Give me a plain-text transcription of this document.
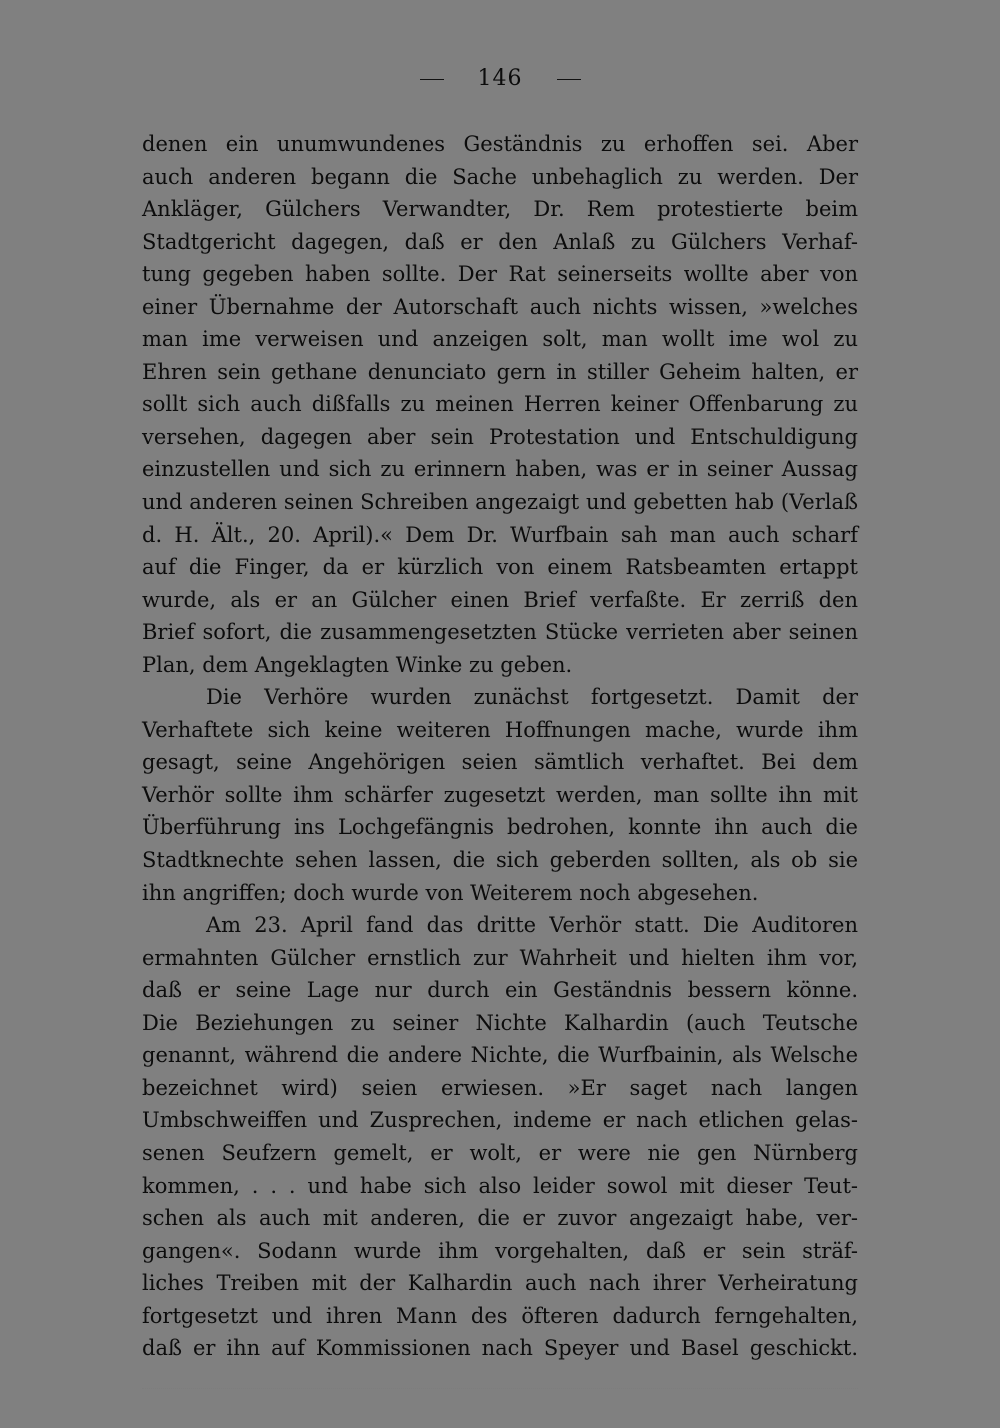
146
denen ein unumwundenes Geständnis zu erhoffen sei. Aber
auch anderen begann die Sache unbehaglich zu werden. Der
Ankläger, Gülchers Verwandter, Dr. Rem protestierte beim
Stadtgericht dagegen, daß er den Anlaß zu Gülchers Verhaf-
tung gegeben haben sollte. Der Rat seinerseits wollte aber von
einer Übernahme der Autorschaft auch nichts wissen, »welches
man ime verweisen und anzeigen solt, man wollt ime wol zu
Ehren sein gethane denunciato gern in stiller Geheim halten, er
sollt sich auch dißfalls zu meinen Herren keiner Offenbarung zu
versehen, dagegen aber sein Protestation und Entschuldigung
einzustellen und sich zu erinnern haben, was er in seiner Aussag
und anderen seinen Schreiben angezaigt und gebetten hab (Verlaß
d. H. Ält., 20. April).« Dem Dr. Wurfbain sah man auch scharf
auf die Finger, da er kürzlich von einem Ratsbeamten ertappt
wurde, als er an Gülcher einen Brief verfaßte. Er zerriß den
Brief sofort, die zusammengesetzten Stücke verrieten aber seinen
Plan, dem Angeklagten Winke zu geben.
Die Verhöre wurden zunächst fortgesetzt. Damit der
Verhaftete sich keine weiteren Hoffnungen mache, wurde ihm
gesagt, seine Angehörigen seien sämtlich verhaftet. Bei dem
Verhör sollte ihm schärfer zugesetzt werden, man sollte ihn mit
Überführung ins Lochgefängnis bedrohen, konnte ihn auch die
Stadtknechte sehen lassen, die sich geberden sollten, als ob sie
ihn angriffen; doch wurde von Weiterem noch abgesehen.
Am 23. April fand das dritte Verhör statt. Die Auditoren
ermahnten Gülcher ernstlich zur Wahrheit und hielten ihm vor,
daß er seine Lage nur durch ein Geständnis bessern könne.
Die Beziehungen zu seiner Nichte Kalhardin (auch Teutsche
genannt, während die andere Nichte, die Wurfbainin, als Welsche
bezeichnet wird) seien erwiesen. »Er saget nach langen
Umbschweiffen und Zusprechen, indeme er nach etlichen gelas-
senen Seufzern gemelt, er wolt, er were nie gen Nürnberg
kommen, . . . und habe sich also leider sowol mit dieser Teut-
schen als auch mit anderen, die er zuvor angezaigt habe, ver-
gangen«. Sodann wurde ihm vorgehalten, daß er sein sträf-
liches Treiben mit der Kalhardin auch nach ihrer Verheiratung
fortgesetzt und ihren Mann des öfteren dadurch ferngehalten,
daß er ihn auf Kommissionen nach Speyer und Basel geschickt.
